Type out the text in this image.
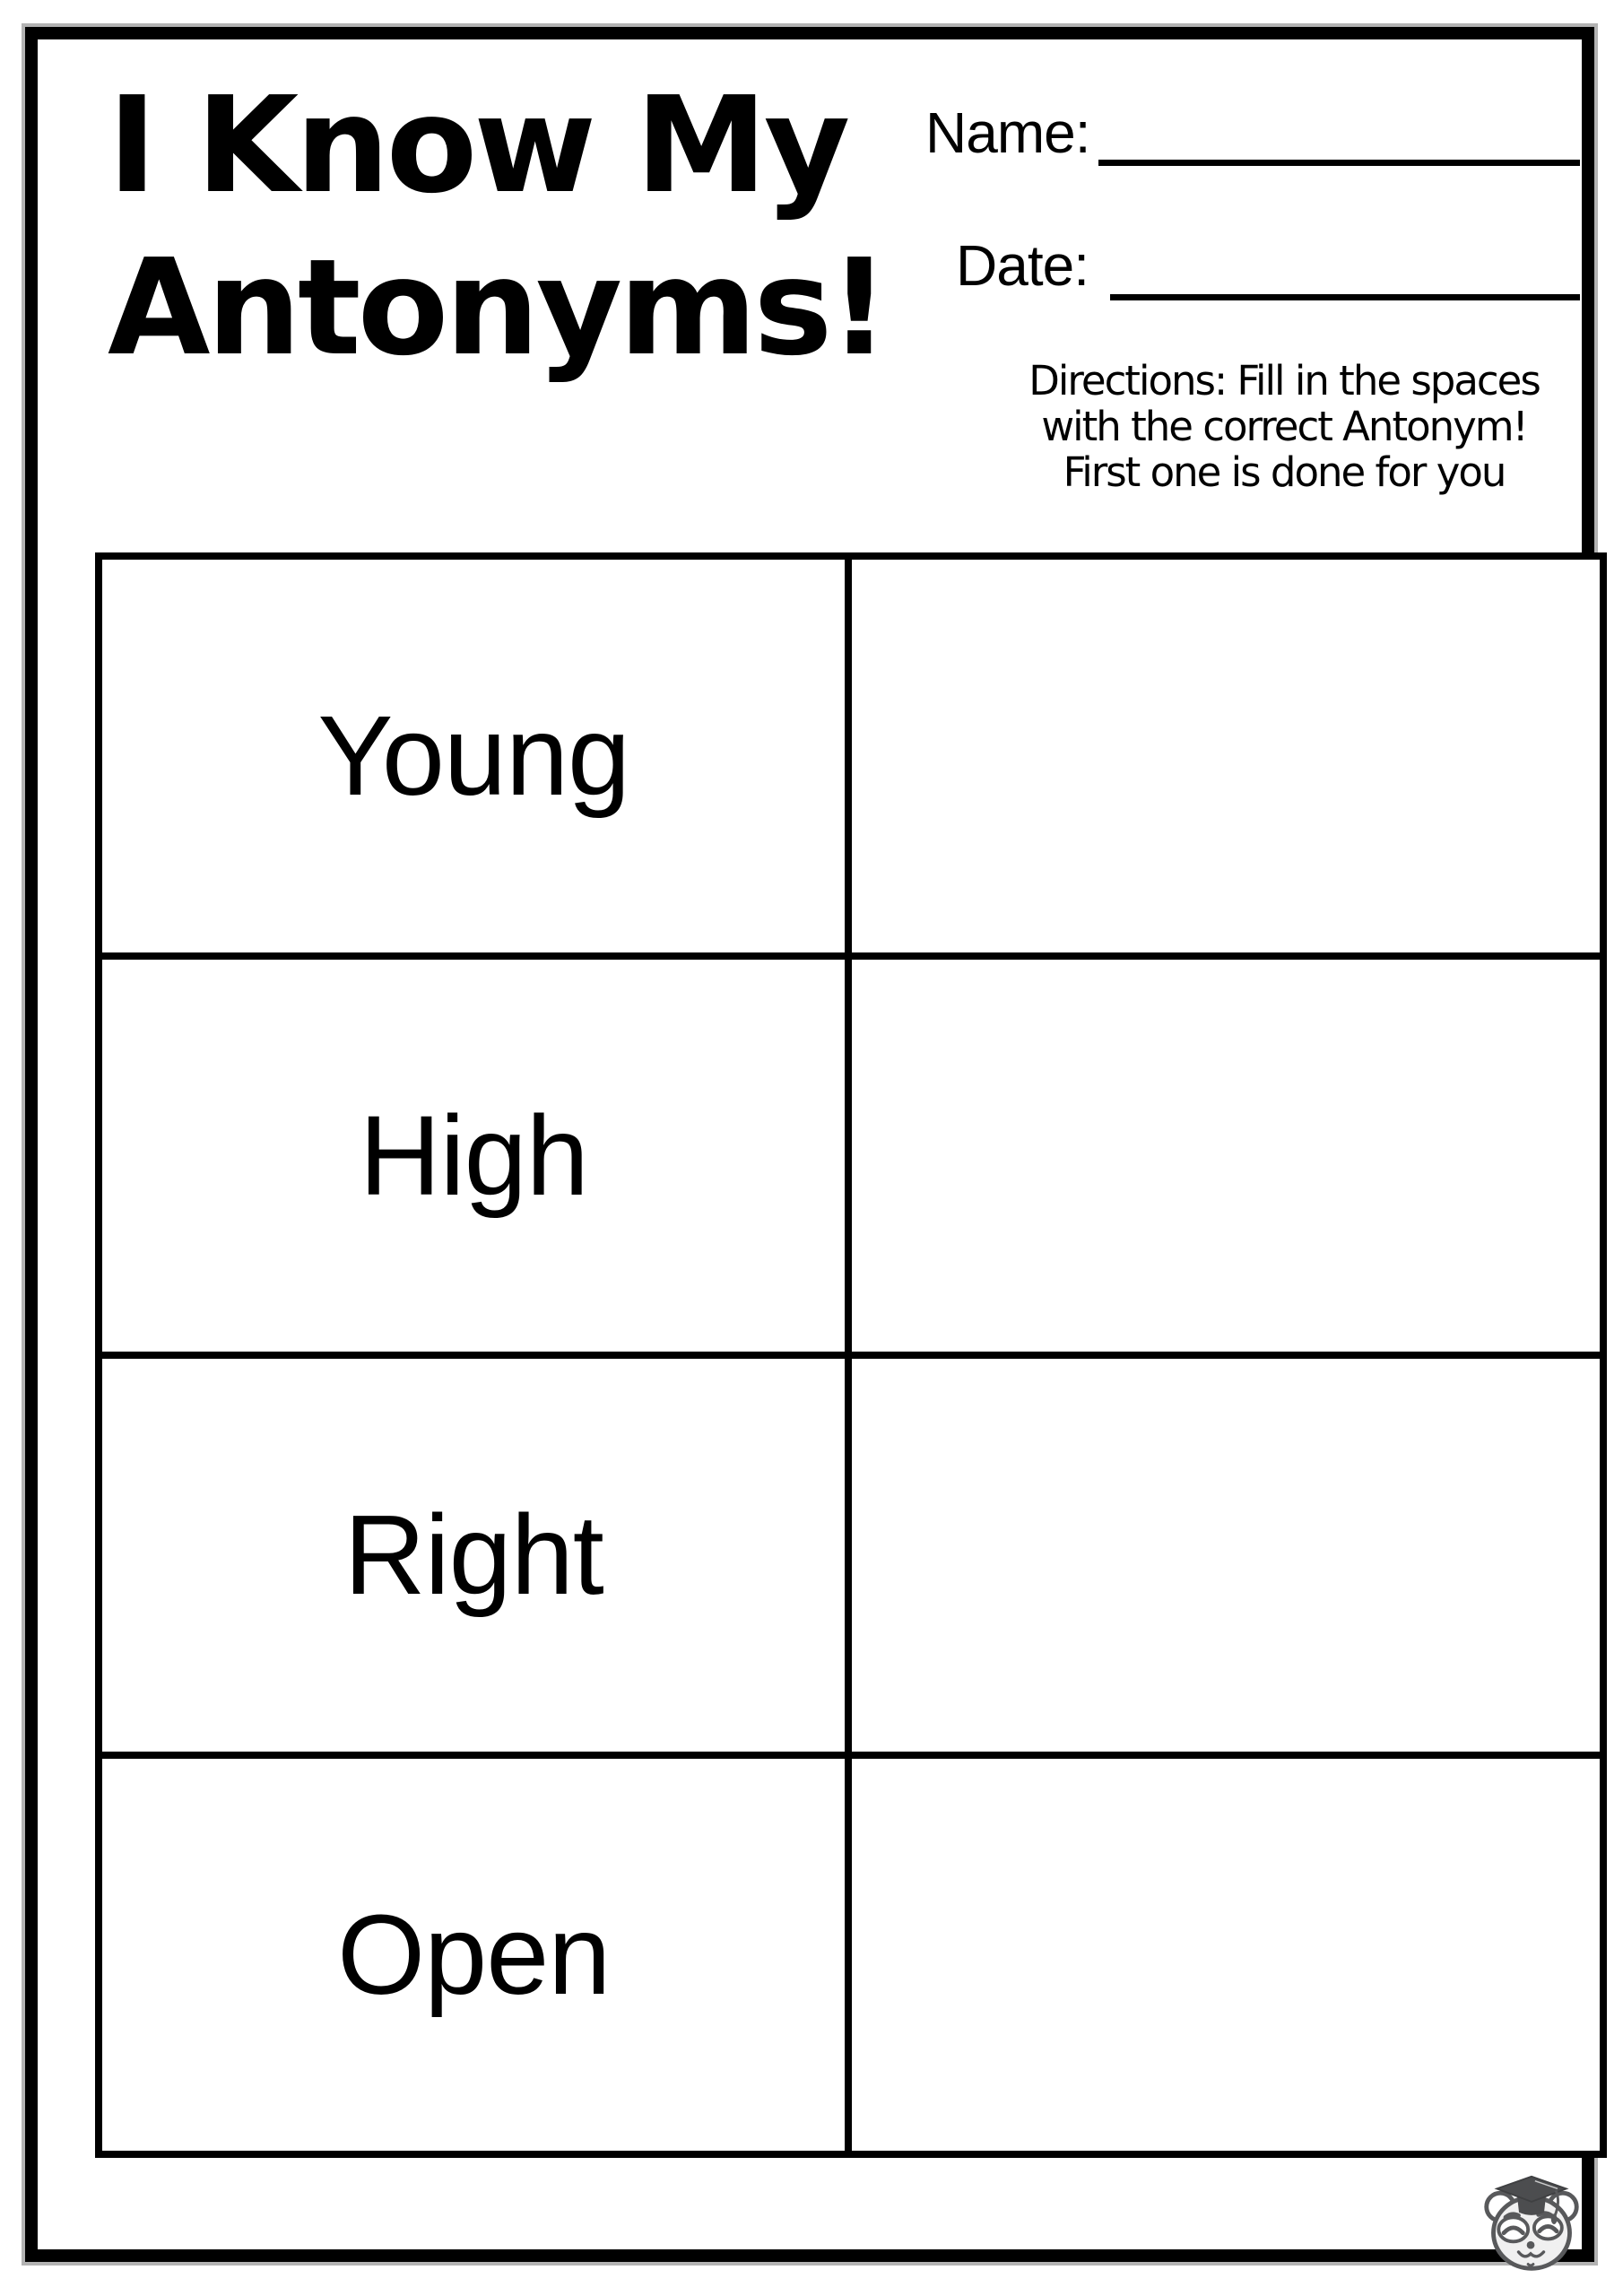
I Know My
Antonyms!
Name:
Date:
Directions: Fill in the spaces
with the correct Antonym!
First one is done for you
Young	
High	
Right	
Open	
